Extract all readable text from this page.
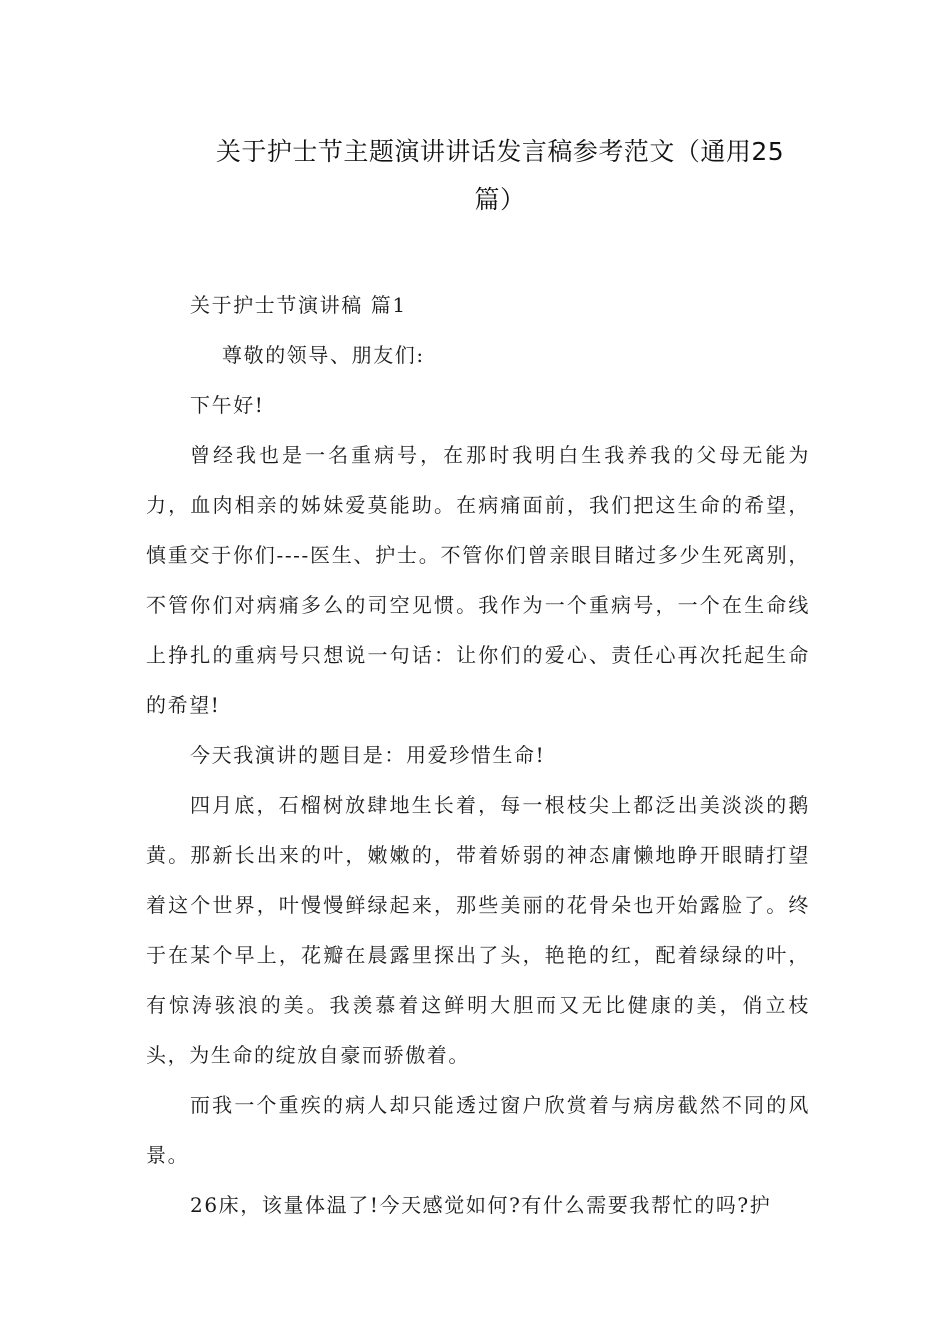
关于护士节主题演讲讲话发言稿参考范文（通用25
篇）

关于护士节演讲稿 篇1

尊敬的领导、朋友们:

下午好!

曾经我也是一名重病号，在那时我明白生我养我的父母无能为力，血肉相亲的姊妹爱莫能助。在病痛面前，我们把这生命的希望，慎重交于你们----医生、护士。不管你们曾亲眼目睹过多少生死离别，不管你们对病痛多么的司空见惯。我作为一个重病号，一个在生命线上挣扎的重病号只想说一句话：让你们的爱心、责任心再次托起生命的希望!

今天我演讲的题目是：用爱珍惜生命!

四月底，石榴树放肆地生长着，每一根枝尖上都泛出美淡淡的鹅黄。那新长出来的叶，嫩嫩的，带着娇弱的神态庸懒地睁开眼睛打望着这个世界，叶慢慢鲜绿起来，那些美丽的花骨朵也开始露脸了。终于在某个早上，花瓣在晨露里探出了头，艳艳的红，配着绿绿的叶，有惊涛骇浪的美。我羡慕着这鲜明大胆而又无比健康的美，俏立枝头，为生命的绽放自豪而骄傲着。

而我一个重疾的病人却只能透过窗户欣赏着与病房截然不同的风景。

26床，该量体温了!今天感觉如何?有什么需要我帮忙的吗?护
